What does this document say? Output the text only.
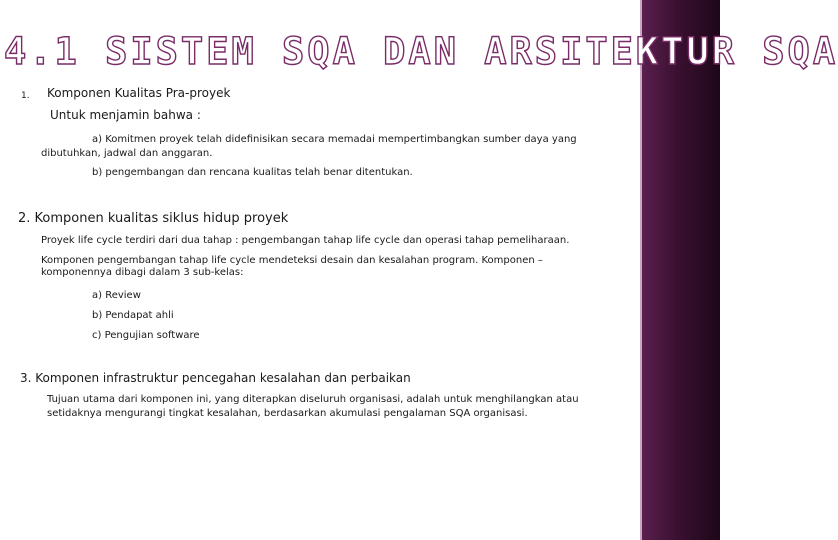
4.1 SISTEM SQA DAN ARSITEKTUR SQA
1. Komponen Kualitas Pra-proyek
Untuk menjamin bahwa :
a) Komitmen proyek telah didefinisikan secara memadai mempertimbangkan sumber daya yang
dibutuhkan, jadwal dan anggaran.
b) pengembangan dan rencana kualitas telah benar ditentukan.
2. Komponen kualitas siklus hidup proyek
Proyek life cycle terdiri dari dua tahap : pengembangan tahap life cycle dan operasi tahap pemeliharaan.
Komponen pengembangan tahap life cycle mendeteksi desain dan kesalahan program. Komponen –
komponennya dibagi dalam 3 sub-kelas:
a) Review
b) Pendapat ahli
c) Pengujian software
3. Komponen infrastruktur pencegahan kesalahan dan perbaikan
Tujuan utama dari komponen ini, yang diterapkan diseluruh organisasi, adalah untuk menghilangkan atau
setidaknya mengurangi tingkat kesalahan, berdasarkan akumulasi pengalaman SQA organisasi.
